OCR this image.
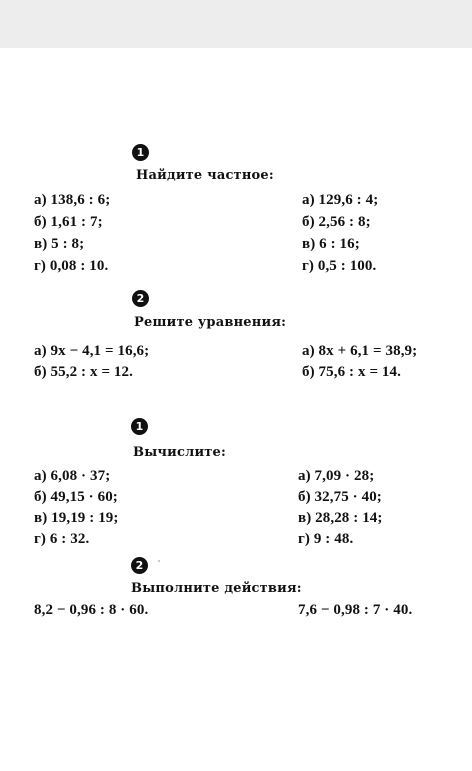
1
Найдите частное:
а) 138,6 : 6;
б) 1,61 : 7;
в) 5 : 8;
г) 0,08 : 10.
а) 129,6 : 4;
б) 2,56 : 8;
в) 6 : 16;
г) 0,5 : 100.
2
Решите уравнения:
а) 9x − 4,1 = 16,6;
б) 55,2 : x = 12.
а) 8x + 6,1 = 38,9;
б) 75,6 : x = 14.
1
Вычислите:
а) 6,08 · 37;
б) 49,15 · 60;
в) 19,19 : 19;
г) 6 : 32.
а) 7,09 · 28;
б) 32,75 · 40;
в) 28,28 : 14;
г) 9 : 48.
2
Выполните действия:
8,2 − 0,96 : 8 · 60.	7,6 − 0,98 : 7 · 40.
